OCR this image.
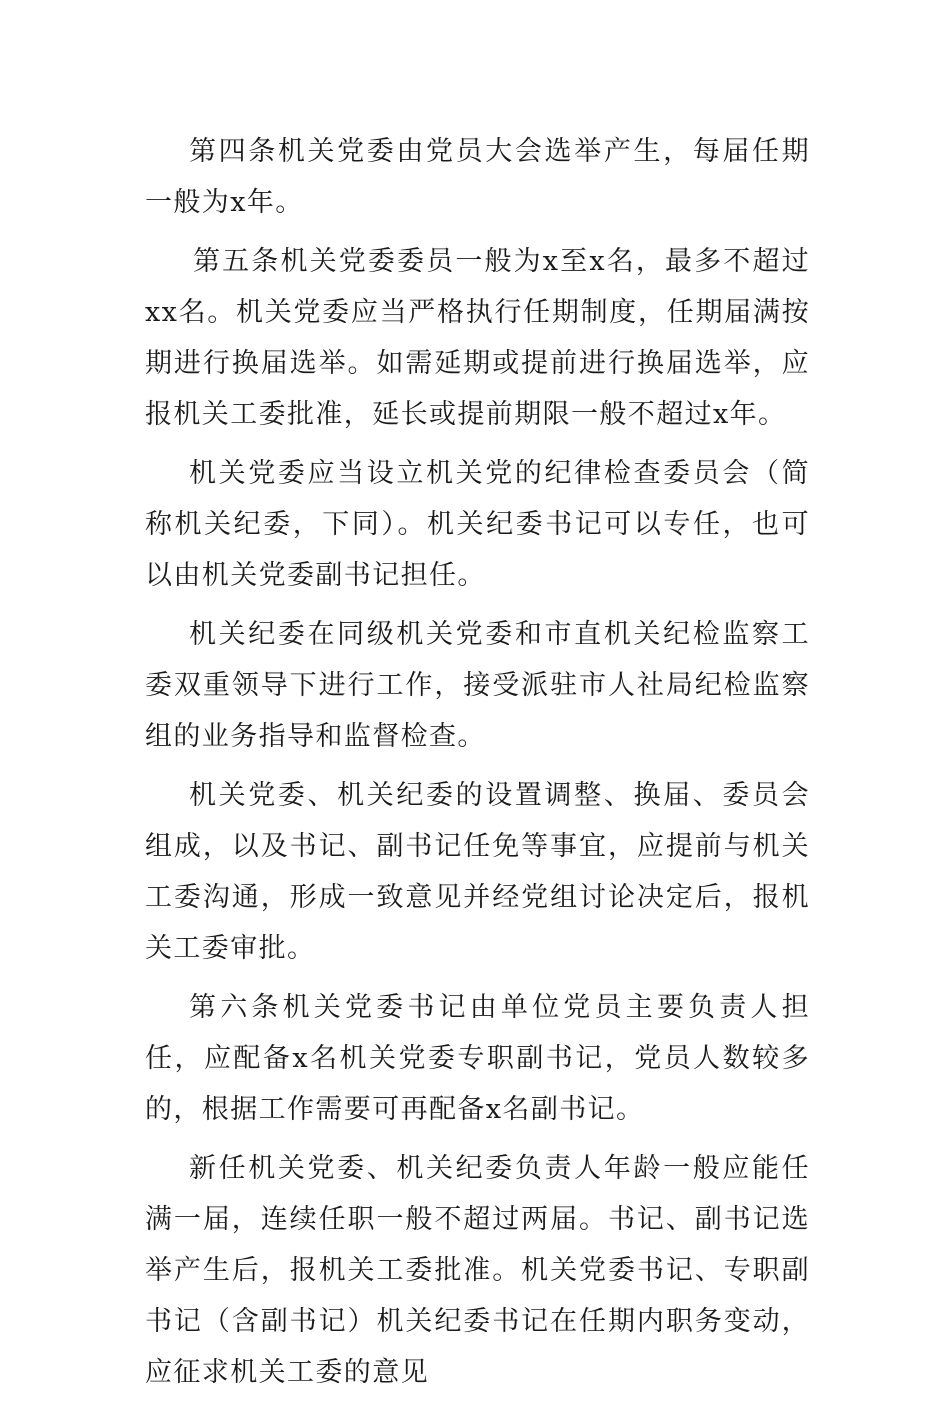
第四条机关党委由党员大会选举产生，每届任期一般为x年。

第五条机关党委委员一般为x至x名，最多不超过xx名。机关党委应当严格执行任期制度，任期届满按期进行换届选举。如需延期或提前进行换届选举，应报机关工委批准，延长或提前期限一般不超过x年。

机关党委应当设立机关党的纪律检查委员会（简称机关纪委，下同）。机关纪委书记可以专任，也可以由机关党委副书记担任。

机关纪委在同级机关党委和市直机关纪检监察工委双重领导下进行工作，接受派驻市人社局纪检监察组的业务指导和监督检查。

机关党委、机关纪委的设置调整、换届、委员会组成，以及书记、副书记任免等事宜，应提前与机关工委沟通，形成一致意见并经党组讨论决定后，报机关工委审批。

第六条机关党委书记由单位党员主要负责人担任，应配备x名机关党委专职副书记，党员人数较多的，根据工作需要可再配备x名副书记。

新任机关党委、机关纪委负责人年龄一般应能任满一届，连续任职一般不超过两届。书记、副书记选举产生后，报机关工委批准。机关党委书记、专职副书记（含副书记）机关纪委书记在任期内职务变动，应征求机关工委的意见
